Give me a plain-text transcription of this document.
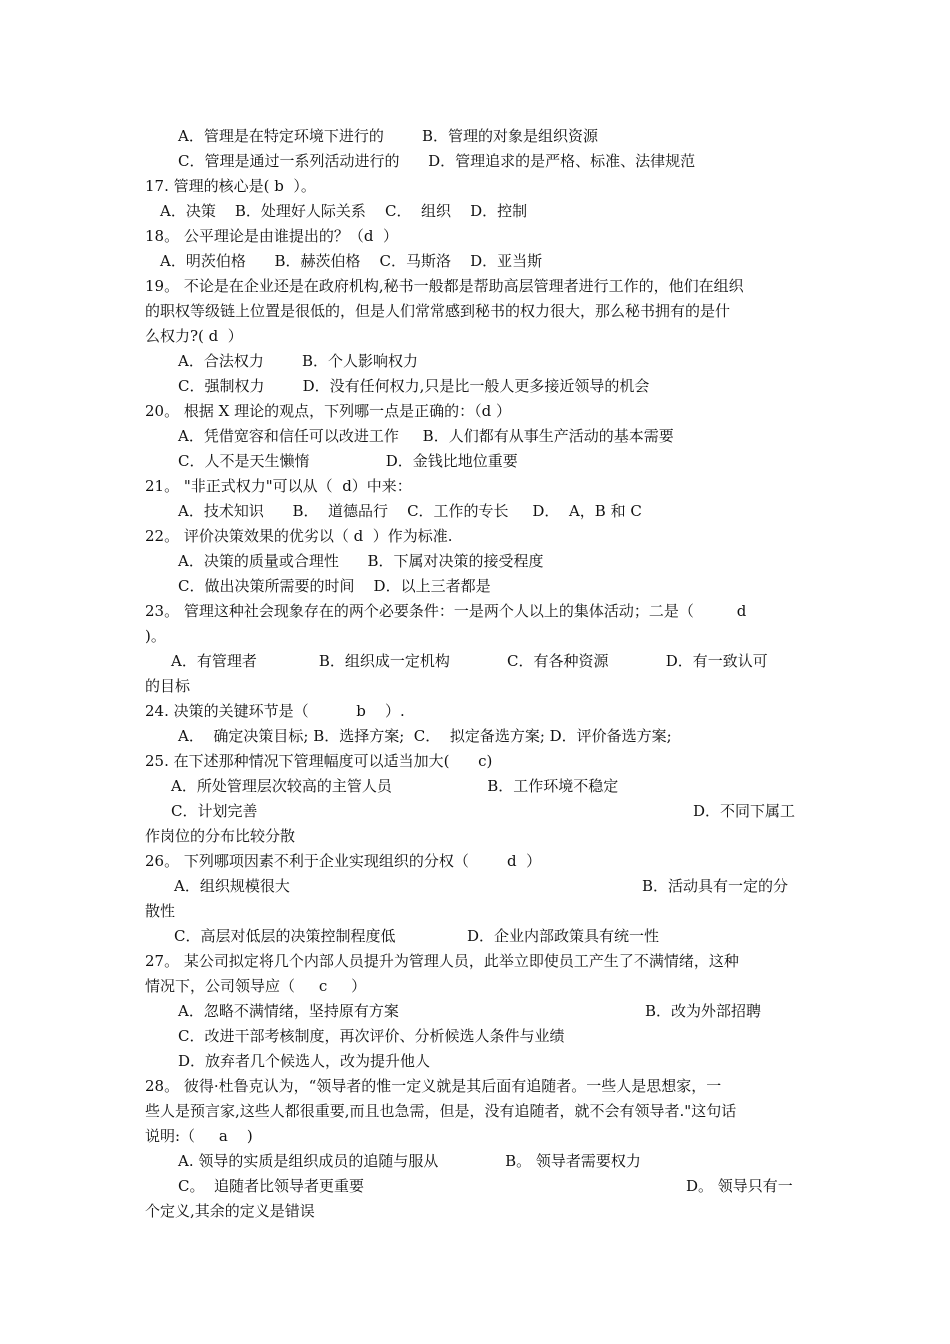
A．管理是在特定环境下进行的        B．管理的对象是组织资源
C．管理是通过一系列活动进行的      D．管理追求的是严格、标准、法律规范
17. 管理的核心是( b  ）。
A．决策    B．处理好人际关系    C．  组织    D．控制
18。 公平理论是由谁提出的？（d  ）
A．明茨伯格      B．赫茨伯格    C．马斯洛    D．亚当斯
19。 不论是在企业还是在政府机构,秘书一般都是帮助高层管理者进行工作的，他们在组织
的职权等级链上位置是很低的，但是人们常常感到秘书的权力很大，那么秘书拥有的是什
么权力?( d  ）
A．合法权力        B．个人影响权力
C．强制权力        D．没有任何权力,只是比一般人更多接近领导的机会
20。 根据 X 理论的观点，下列哪一点是正确的：（d ）
A．凭借宽容和信任可以改进工作     B．人们都有从事生产活动的基本需要
C．人不是天生懒惰                D．金钱比地位重要
21。 "非正式权力"可以从（  d）中来：
A．技术知识      B．  道德品行    C．工作的专长     D．  A，B 和 C
22。 评价决策效果的优劣以（ d  ）作为标准.
A．决策的质量或合理性      B．下属对决策的接受程度
C．做出决策所需要的时间    D．以上三者都是
23。 管理这种社会现象存在的两个必要条件：一是两个人以上的集体活动；二是（         d
)。
A．有管理者             B．组织成一定机构            C．有各种资源            D．有一致认可
的目标
24. 决策的关键环节是（          b    ）.
A．  确定决策目标; B．选择方案;  C．  拟定备选方案; D．评价备选方案;
25. 在下述那种情况下管理幅度可以适当加大(      c)
A．所处管理层次较高的主管人员                    B．工作环境不稳定
C．计划完善	D．不同下属工
作岗位的分布比较分散
26。 下列哪项因素不利于企业实现组织的分权（        d  ）
A．组织规模很大	B．活动具有一定的分
散性
C．高层对低层的决策控制程度低               D．企业内部政策具有统一性
27。 某公司拟定将几个内部人员提升为管理人员，此举立即使员工产生了不满情绪，这种
情况下，公司领导应（     c     ）
A．忽略不满情绪，坚持原有方案	B．改为外部招聘
C．改进干部考核制度，再次评价、分析候选人条件与业绩
D．放弃者几个候选人，改为提升他人
28。 彼得·杜鲁克认为，“领导者的惟一定义就是其后面有追随者。一些人是思想家，一
些人是预言家,这些人都很重要,而且也急需，但是，没有追随者，就不会有领导者."这句话
说明:（     a    )
A. 领导的实质是组织成员的追随与服从              B。 领导者需要权力
C。  追随者比领导者更重要	D。 领导只有一
个定义,其余的定义是错误
